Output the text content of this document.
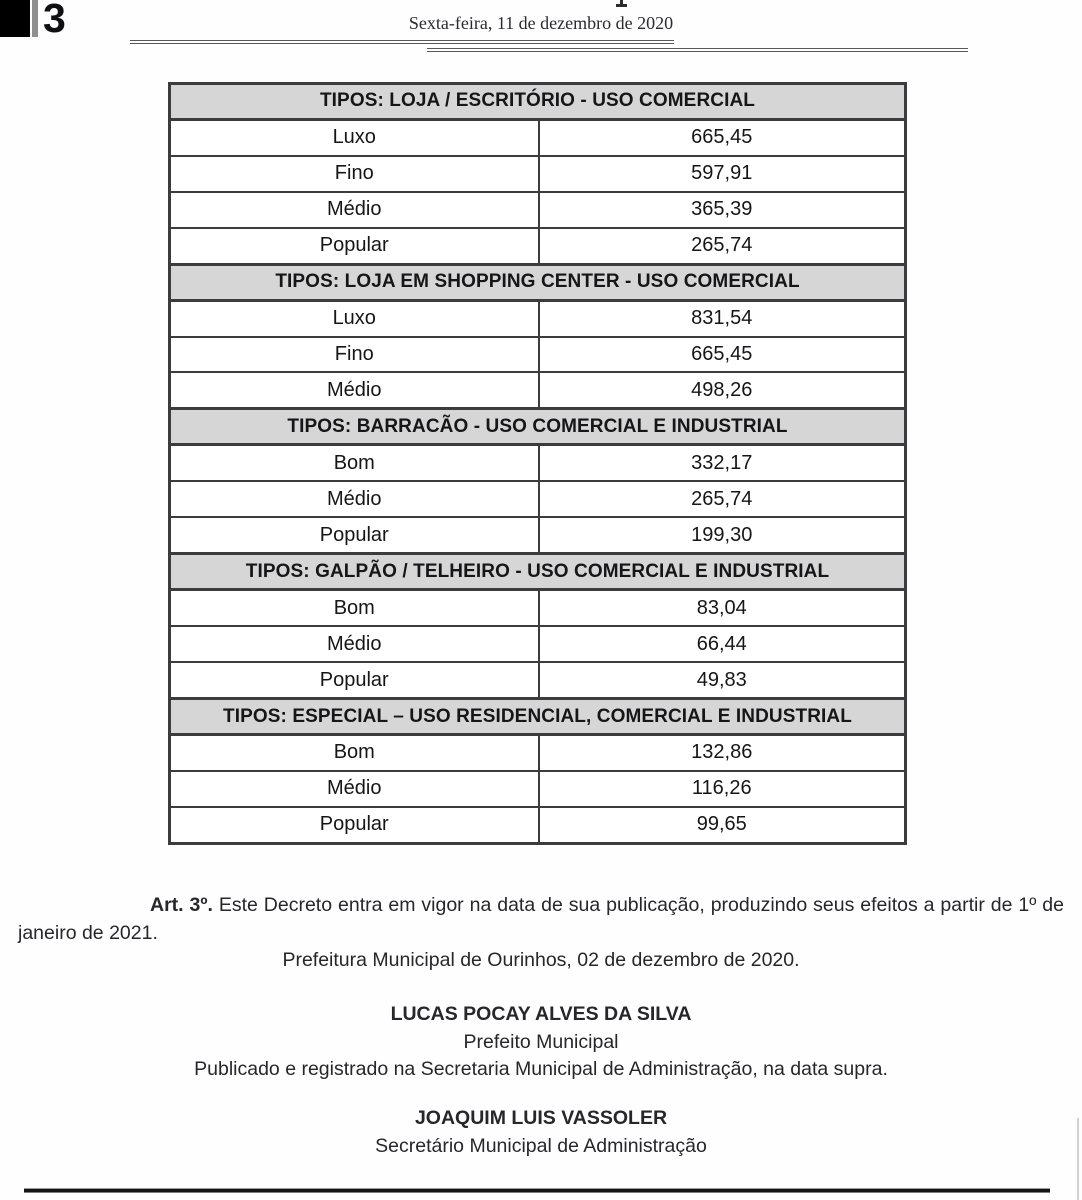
3	Sexta-feira, 11 de dezembro de 2020
TIPOS: LOJA / ESCRITÓRIO - USO COMERCIAL	
Luxo	665,45
Fino	597,91
Médio	365,39
Popular	265,74
TIPOS: LOJA EM SHOPPING CENTER - USO COMERCIAL	
Luxo	831,54
Fino	665,45
Médio	498,26
TIPOS: BARRACÃO - USO COMERCIAL E INDUSTRIAL	
Bom	332,17
Médio	265,74
Popular	199,30
TIPOS: GALPÃO / TELHEIRO - USO COMERCIAL E INDUSTRIAL	
Bom	83,04
Médio	66,44
Popular	49,83
TIPOS: ESPECIAL – USO RESIDENCIAL, COMERCIAL E INDUSTRIAL	
Bom	132,86
Médio	116,26
Popular	99,65

Art. 3º. Este Decreto entra em vigor na data de sua publicação, produzindo seus efeitos a partir de 1º de janeiro de 2021.

Prefeitura Municipal de Ourinhos, 02 de dezembro de 2020.
LUCAS POCAY ALVES DA SILVA
Prefeito Municipal
Publicado e registrado na Secretaria Municipal de Administração, na data supra.
JOAQUIM LUIS VASSOLER
Secretário Municipal de Administração
